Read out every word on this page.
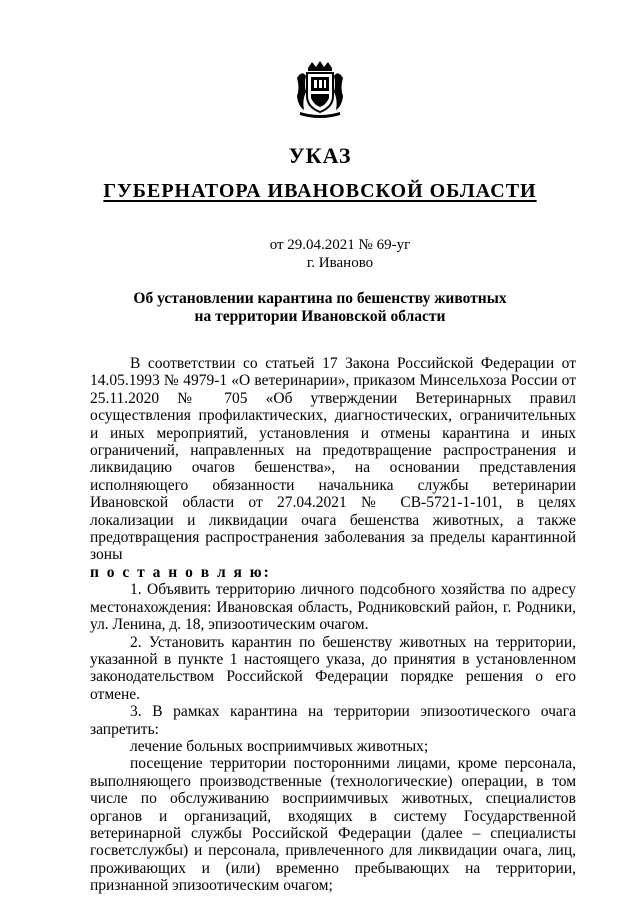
УКАЗ
ГУБЕРНАТОРА ИВАНОВСКОЙ ОБЛАСТИ
от 29.04.2021 № 69-уг
г. Иваново
Об установлении карантина по бешенству животных
на территории Ивановской области

В соответствии со статьей 17 Закона Российской Федерации от 14.05.1993 № 4979-1 «О ветеринарии», приказом Минсельхоза России от 25.11.2020 № 705 «Об утверждении Ветеринарных правил осуществления профилактических, диагностических, ограничительных и иных мероприятий, установления и отмены карантина и иных ограничений, направленных на предотвращение распространения и ликвидацию очагов бешенства», на основании представления исполняющего обязанности начальника службы ветеринарии Ивановской области от 27.04.2021 № СВ-5721-1-101, в целях локализации и ликвидации очага бешенства животных, а также предотвращения распространения заболевания за пределы карантинной зоны
п о с т а н о в л я ю:

1. Объявить территорию личного подсобного хозяйства по адресу местонахождения: Ивановская область, Родниковский район, г. Родники, ул. Ленина, д. 18, эпизоотическим очагом.

2. Установить карантин по бешенству животных на территории, указанной в пункте 1 настоящего указа, до принятия в установленном законодательством Российской Федерации порядке решения о его отмене.

3. В рамках карантина на территории эпизоотического очага запретить:

лечение больных восприимчивых животных;

посещение территории посторонними лицами, кроме персонала, выполняющего производственные (технологические) операции, в том числе по обслуживанию восприимчивых животных, специалистов органов и организаций, входящих в систему Государственной ветеринарной службы Российской Федерации (далее – специалисты госветслужбы) и персонала, привлеченного для ликвидации очага, лиц, проживающих и (или) временно пребывающих на территории, признанной эпизоотическим очагом;
